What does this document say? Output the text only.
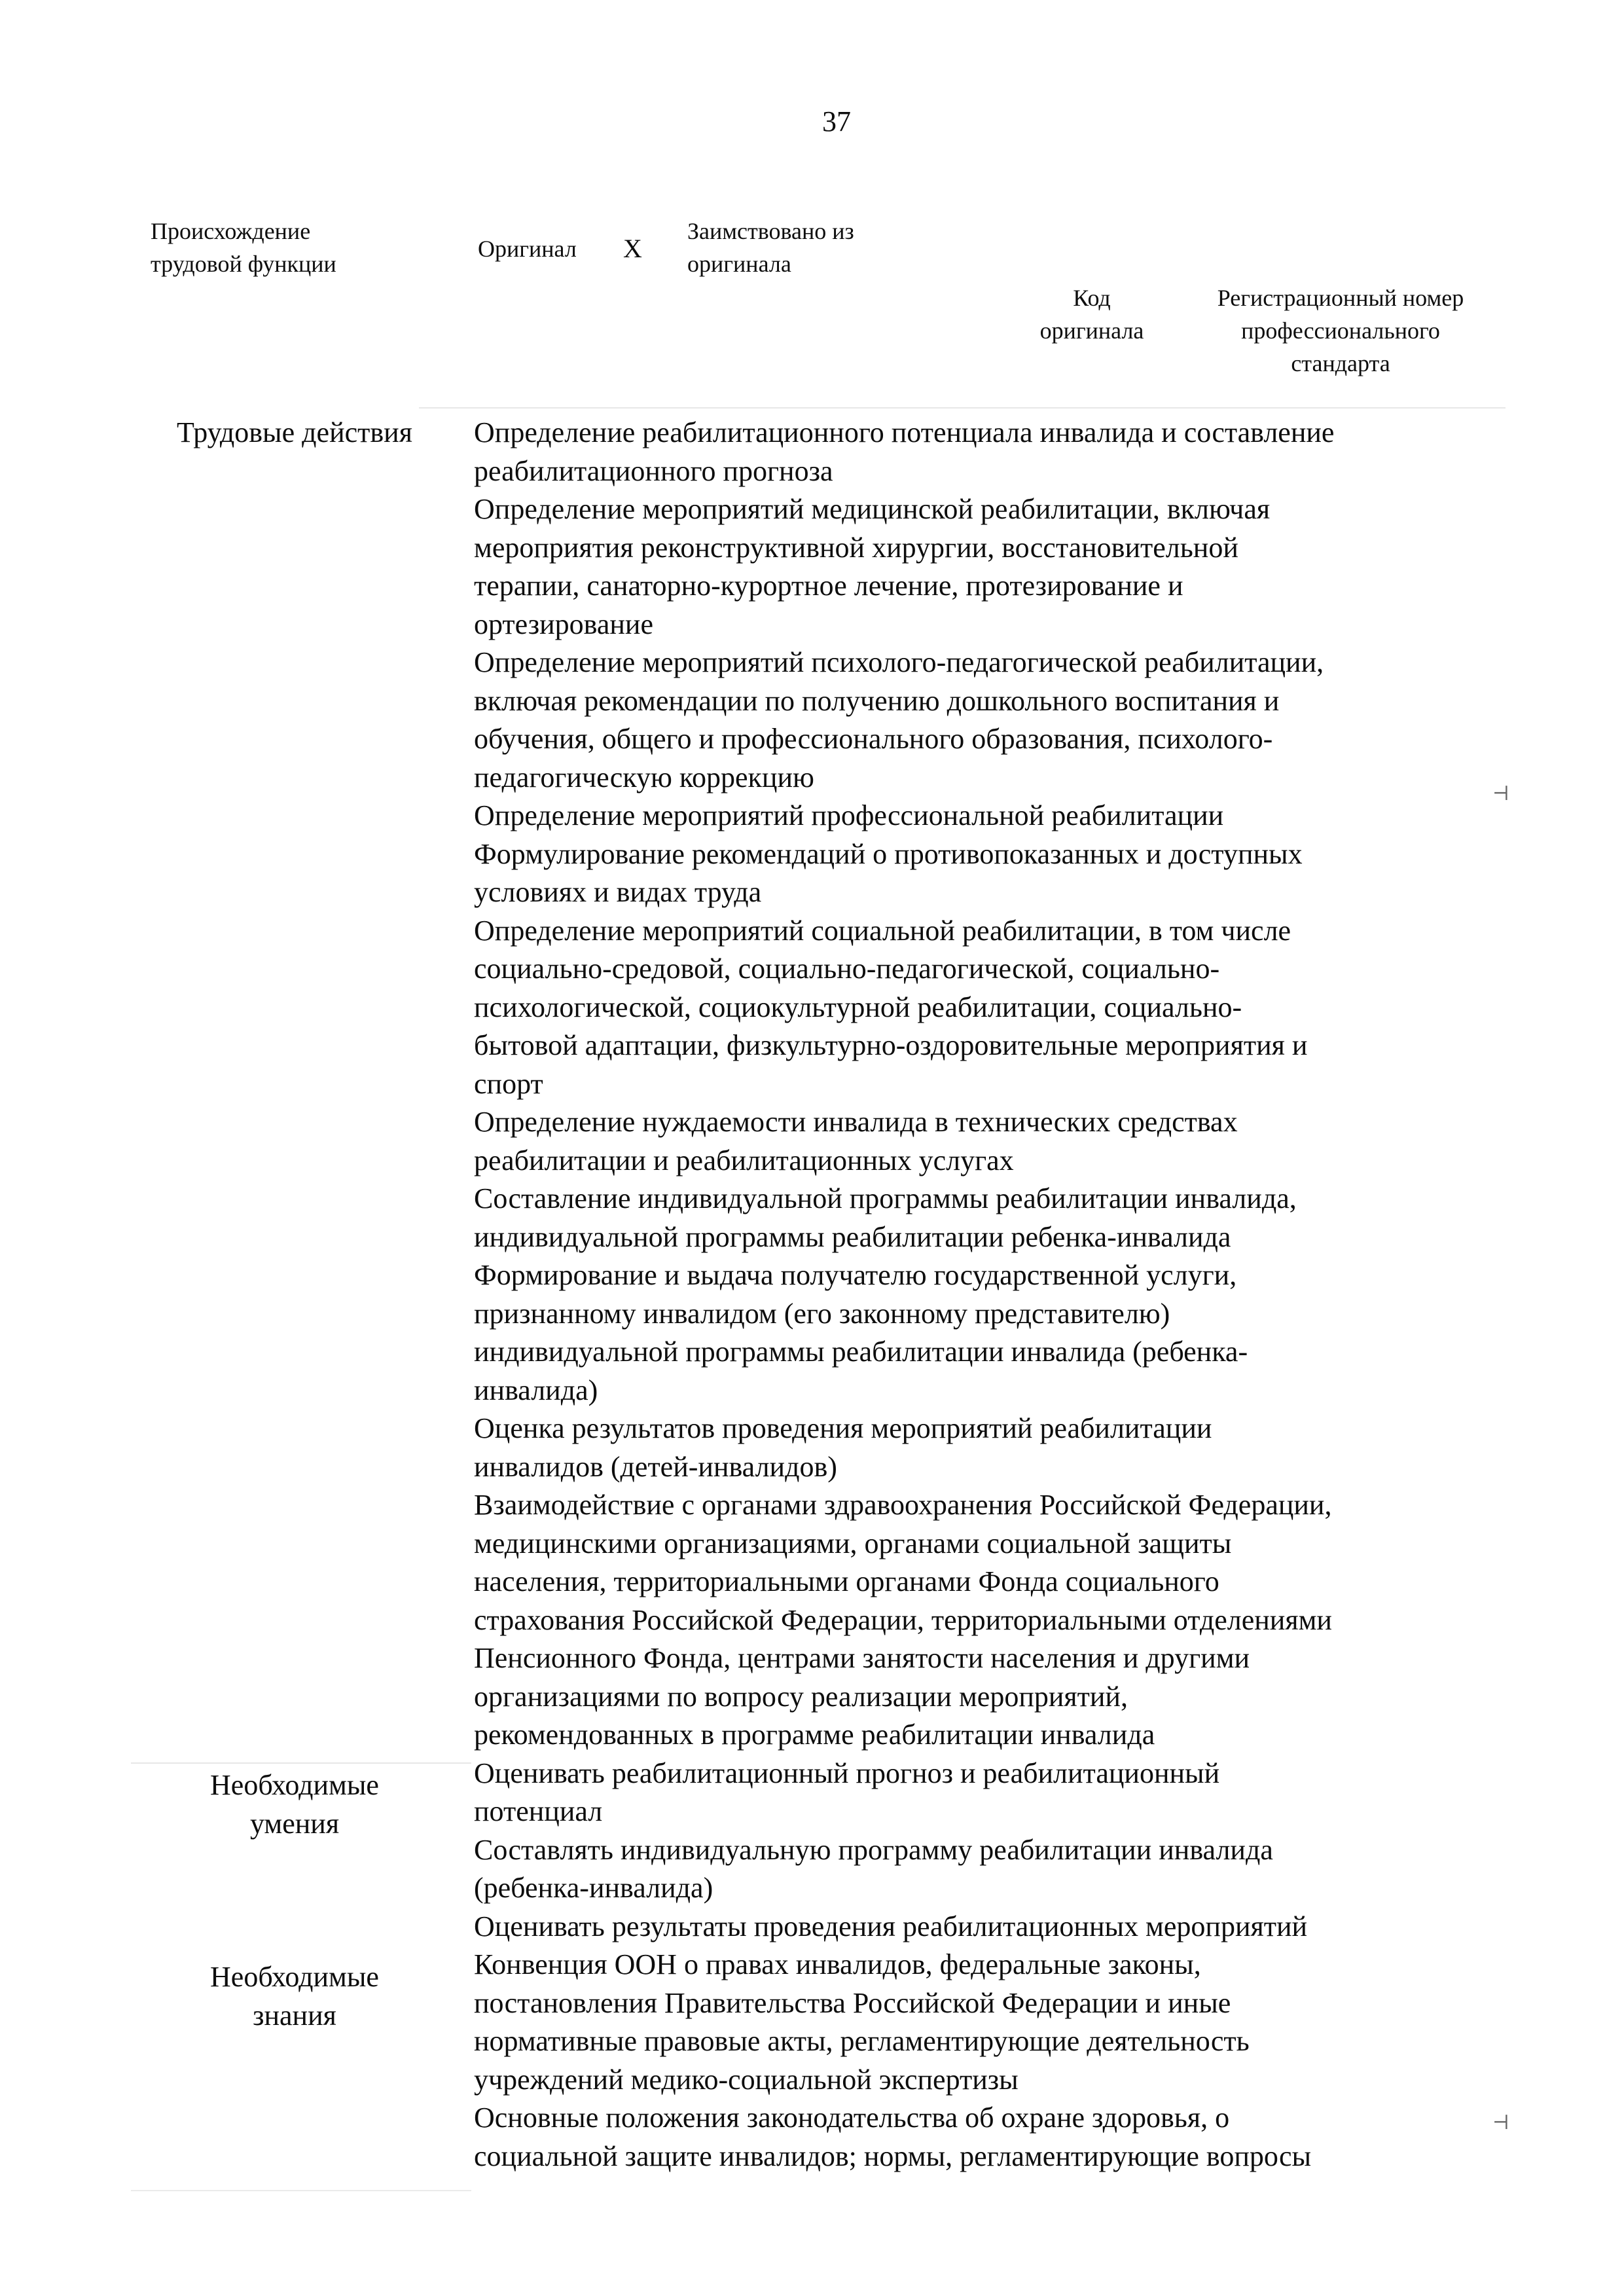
37
Происхождение
трудовой функции
Оригинал X
Заимствовано из
оригинала
Код
оригинала
Регистрационный номер
профессионального
стандарта
⊣
⊣
Трудовые действия
Необходимые
умения
Необходимые
знания
Определение реабилитационного потенциала инвалида и составление
реабилитационного прогноза
Определение мероприятий медицинской реабилитации, включая
мероприятия реконструктивной хирургии, восстановительной
терапии, санаторно-курортное лечение, протезирование и
ортезирование
Определение мероприятий психолого-педагогической реабилитации,
включая рекомендации по получению дошкольного воспитания и
обучения, общего и профессионального образования, психолого-
педагогическую коррекцию
Определение мероприятий профессиональной реабилитации
Формулирование рекомендаций о противопоказанных и доступных
условиях и видах труда
Определение мероприятий социальной реабилитации, в том числе
социально-средовой, социально-педагогической, социально-
психологической, социокультурной реабилитации, социально-
бытовой адаптации, физкультурно-оздоровительные мероприятия и
спорт
Определение нуждаемости инвалида в технических средствах
реабилитации и реабилитационных услугах
Составление индивидуальной программы реабилитации инвалида,
индивидуальной программы реабилитации ребенка-инвалида
Формирование и выдача получателю государственной услуги,
признанному инвалидом (его законному представителю)
индивидуальной программы реабилитации инвалида (ребенка-
инвалида)
Оценка результатов проведения мероприятий реабилитации
инвалидов (детей-инвалидов)
Взаимодействие с органами здравоохранения Российской Федерации,
медицинскими организациями, органами социальной защиты
населения, территориальными органами Фонда социального
страхования Российской Федерации, территориальными отделениями
Пенсионного Фонда, центрами занятости населения и другими
организациями по вопросу реализации мероприятий,
рекомендованных в программе реабилитации инвалида
Оценивать реабилитационный прогноз и реабилитационный
потенциал
Составлять индивидуальную программу реабилитации инвалида
(ребенка-инвалида)
Оценивать результаты проведения реабилитационных мероприятий
Конвенция ООН о правах инвалидов, федеральные законы,
постановления Правительства Российской Федерации и иные
нормативные правовые акты, регламентирующие деятельность
учреждений медико-социальной экспертизы
Основные положения законодательства об охране здоровья, о
социальной защите инвалидов; нормы, регламентирующие вопросы
